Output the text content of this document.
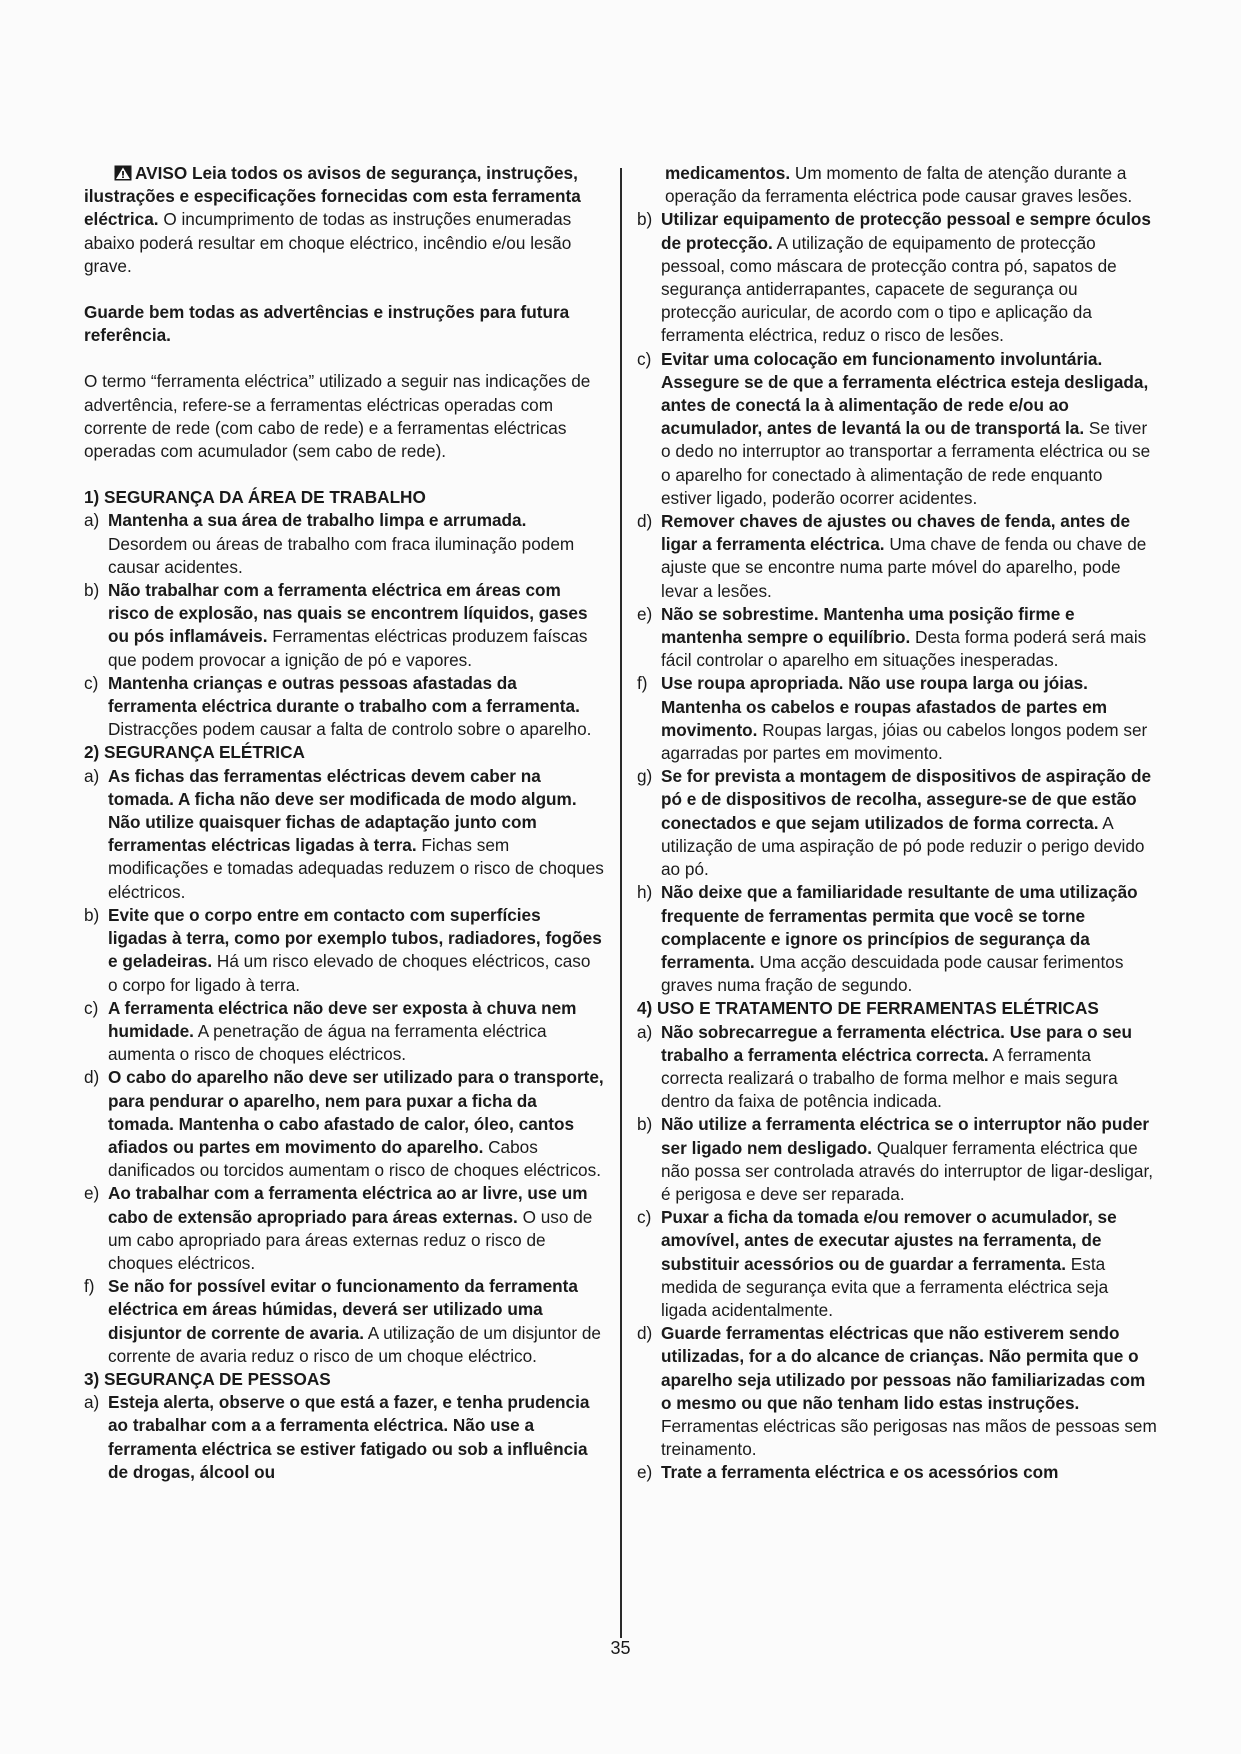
AVISO Leia todos os avisos de segurança, instruções, ilustrações e especificações fornecidas com esta ferramenta eléctrica. O incumprimento de todas as instruções enumeradas abaixo poderá resultar em choque eléctrico, incêndio e/ou lesão grave.

Guarde bem todas as advertências e instruções para futura referência.

O termo “ferramenta eléctrica” utilizado a seguir nas indicações de advertência, refere-se a ferramentas eléctricas operadas com corrente de rede (com cabo de rede) e a ferramentas eléctricas operadas com acumulador (sem cabo de rede).

1) SEGURANÇA DA ÁREA DE TRABALHO

a) Mantenha a sua área de trabalho limpa e arrumada. Desordem ou áreas de trabalho com fraca iluminação podem causar acidentes.
b) Não trabalhar com a ferramenta eléctrica em áreas com risco de explosão, nas quais se encontrem líquidos, gases ou pós inflamáveis. Ferramentas eléctricas produzem faíscas que podem provocar a ignição de pó e vapores.
c) Mantenha crianças e outras pessoas afastadas da ferramenta eléctrica durante o trabalho com a ferramenta. Distracções podem causar a falta de controlo sobre o aparelho.

2) SEGURANÇA ELÉTRICA

a) As fichas das ferramentas eléctricas devem caber na tomada. A ficha não deve ser modificada de modo algum. Não utilize quaisquer fichas de adaptação junto com ferramentas eléctricas ligadas à terra. Fichas sem modificações e tomadas adequadas reduzem o risco de choques eléctricos.
b) Evite que o corpo entre em contacto com superfícies ligadas à terra, como por exemplo tubos, radiadores, fogões e geladeiras. Há um risco elevado de choques eléctricos, caso o corpo for ligado à terra.
c) A ferramenta eléctrica não deve ser exposta à chuva nem humidade. A penetração de água na ferramenta eléctrica aumenta o risco de choques eléctricos.
d) O cabo do aparelho não deve ser utilizado para o transporte, para pendurar o aparelho, nem para puxar a ficha da tomada. Mantenha o cabo afastado de calor, óleo, cantos afiados ou partes em movimento do aparelho. Cabos danificados ou torcidos aumentam o risco de choques eléctricos.
e) Ao trabalhar com a ferramenta eléctrica ao ar livre, use um cabo de extensão apropriado para áreas externas. O uso de um cabo apropriado para áreas externas reduz o risco de choques eléctricos.
f) Se não for possível evitar o funcionamento da ferramenta eléctrica em áreas húmidas, deverá ser utilizado uma disjuntor de corrente de avaria. A utilização de um disjuntor de corrente de avaria reduz o risco de um choque eléctrico.

3) SEGURANÇA DE PESSOAS

a) Esteja alerta, observe o que está a fazer, e tenha prudencia ao trabalhar com a a ferramenta eléctrica. Não use a ferramenta eléctrica se estiver fatigado ou sob a influência de drogas, álcool ou

medicamentos. Um momento de falta de atenção durante a operação da ferramenta eléctrica pode causar graves lesões.

b) Utilizar equipamento de protecção pessoal e sempre óculos de protecção. A utilização de equipamento de protecção pessoal, como máscara de protecção contra pó, sapatos de segurança antiderrapantes, capacete de segurança ou protecção auricular, de acordo com o tipo e aplicação da ferramenta eléctrica, reduz o risco de lesões.
c) Evitar uma colocação em funcionamento involuntária. Assegure se de que a ferramenta eléctrica esteja desligada, antes de conectá la à alimentação de rede e/ou ao acumulador, antes de levantá la ou de transportá la. Se tiver o dedo no interruptor ao transportar a ferramenta eléctrica ou se o aparelho for conectado à alimentação de rede enquanto estiver ligado, poderão ocorrer acidentes.
d) Remover chaves de ajustes ou chaves de fenda, antes de ligar a ferramenta eléctrica. Uma chave de fenda ou chave de ajuste que se encontre numa parte móvel do aparelho, pode levar a lesões.
e) Não se sobrestime. Mantenha uma posição firme e mantenha sempre o equilíbrio. Desta forma poderá será mais fácil controlar o aparelho em situações inesperadas.
f) Use roupa apropriada. Não use roupa larga ou jóias. Mantenha os cabelos e roupas afastados de partes em movimento. Roupas largas, jóias ou cabelos longos podem ser agarradas por partes em movimento.
g) Se for prevista a montagem de dispositivos de aspiração de pó e de dispositivos de recolha, assegure-se de que estão conectados e que sejam utilizados de forma correcta. A utilização de uma aspiração de pó pode reduzir o perigo devido ao pó.
h) Não deixe que a familiaridade resultante de uma utilização frequente de ferramentas permita que você se torne complacente e ignore os princípios de segurança da ferramenta. Uma acção descuidada pode causar ferimentos graves numa fração de segundo.

4) USO E TRATAMENTO DE FERRAMENTAS ELÉTRICAS

a) Não sobrecarregue a ferramenta eléctrica. Use para o seu trabalho a ferramenta eléctrica correcta. A ferramenta correcta realizará o trabalho de forma melhor e mais segura dentro da faixa de potência indicada.
b) Não utilize a ferramenta eléctrica se o interruptor não puder ser ligado nem desligado. Qualquer ferramenta eléctrica que não possa ser controlada através do interruptor de ligar-desligar, é perigosa e deve ser reparada.
c) Puxar a ficha da tomada e/ou remover o acumulador, se amovível, antes de executar ajustes na ferramenta, de substituir acessórios ou de guardar a ferramenta. Esta medida de segurança evita que a ferramenta eléctrica seja ligada acidentalmente.
d) Guarde ferramentas eléctricas que não estiverem sendo utilizadas, for a do alcance de crianças. Não permita que o aparelho seja utilizado por pessoas não familiarizadas com o mesmo ou que não tenham lido estas instruções. Ferramentas eléctricas são perigosas nas mãos de pessoas sem treinamento.
e) Trate a ferramenta eléctrica e os acessórios com
35
